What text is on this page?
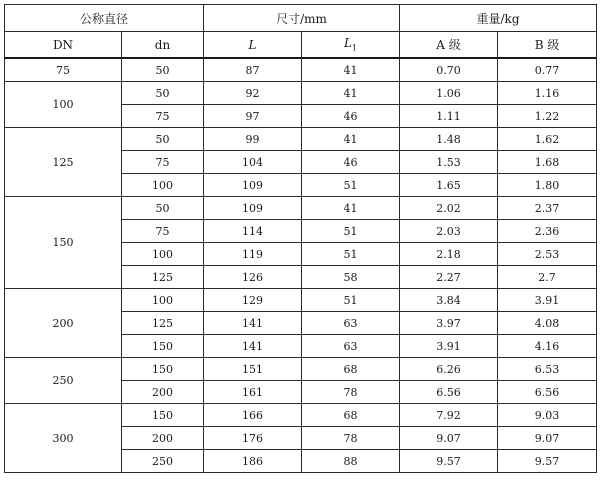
公称直径		尺寸/mm		重量/kg	
DN	dn	L	$L_1$	A 级	B 级
75	50	87	41	0.70	0.77
100	50	92	41	1.06	1.16
	75	97	46	1.11	1.22
125	50	99	41	1.48	1.62
	75	104	46	1.53	1.68
	100	109	51	1.65	1.80
150	50	109	41	2.02	2.37
	75	114	51	2.03	2.36
	100	119	51	2.18	2.53
	125	126	58	2.27	2.7
200	100	129	51	3.84	3.91
	125	141	63	3.97	4.08
	150	141	63	3.91	4.16
250	150	151	68	6.26	6.53
	200	161	78	6.56	6.56
300	150	166	68	7.92	9.03
	200	176	78	9.07	9.07
	250	186	88	9.57	9.57
